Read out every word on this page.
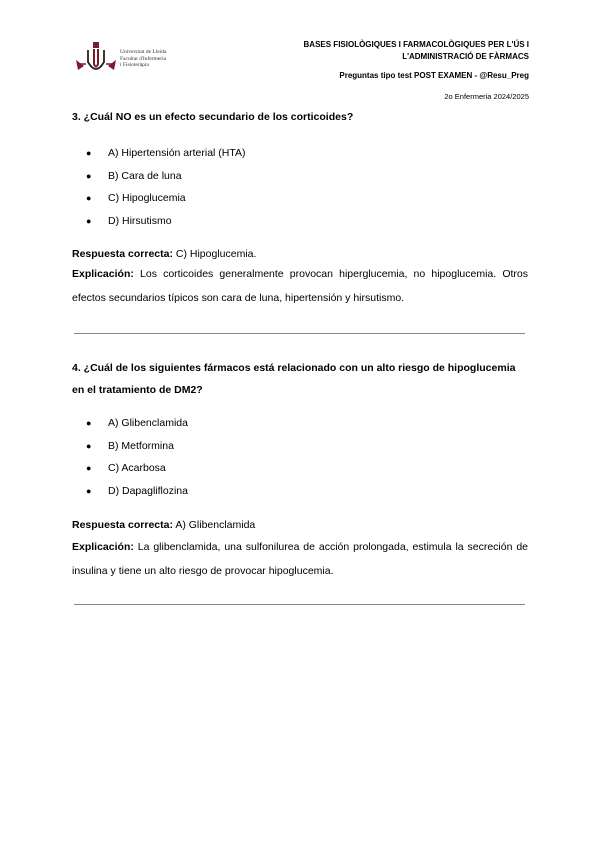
Universitat de Lleida
Facultat d'Infermeria
i Fisioteràpia
BASES FISIOLÒGIQUES I FARMACOLÒGIQUES PER L'ÚS I
L'ADMINISTRACIÓ DE FÀRMACS
Preguntas tipo test POST EXAMEN - @Resu_Preg
2o Enfermeria 2024/2025
3. ¿Cuál NO es un efecto secundario de los corticoides?
● A) Hipertensión arterial (HTA)
● B) Cara de luna
● C) Hipoglucemia
● D) Hirsutismo
Respuesta correcta: C) Hipoglucemia.
Explicación: Los corticoides generalmente provocan hiperglucemia, no hipoglucemia. Otros efectos secundarios típicos son cara de luna, hipertensión y hirsutismo.
4. ¿Cuál de los siguientes fármacos está relacionado con un alto riesgo de hipoglucemia en el tratamiento de DM2?
● A) Glibenclamida
● B) Metformina
● C) Acarbosa
● D) Dapagliflozina
Respuesta correcta: A) Glibenclamida
Explicación: La glibenclamida, una sulfonilurea de acción prolongada, estimula la secreción de insulina y tiene un alto riesgo de provocar hipoglucemia.
